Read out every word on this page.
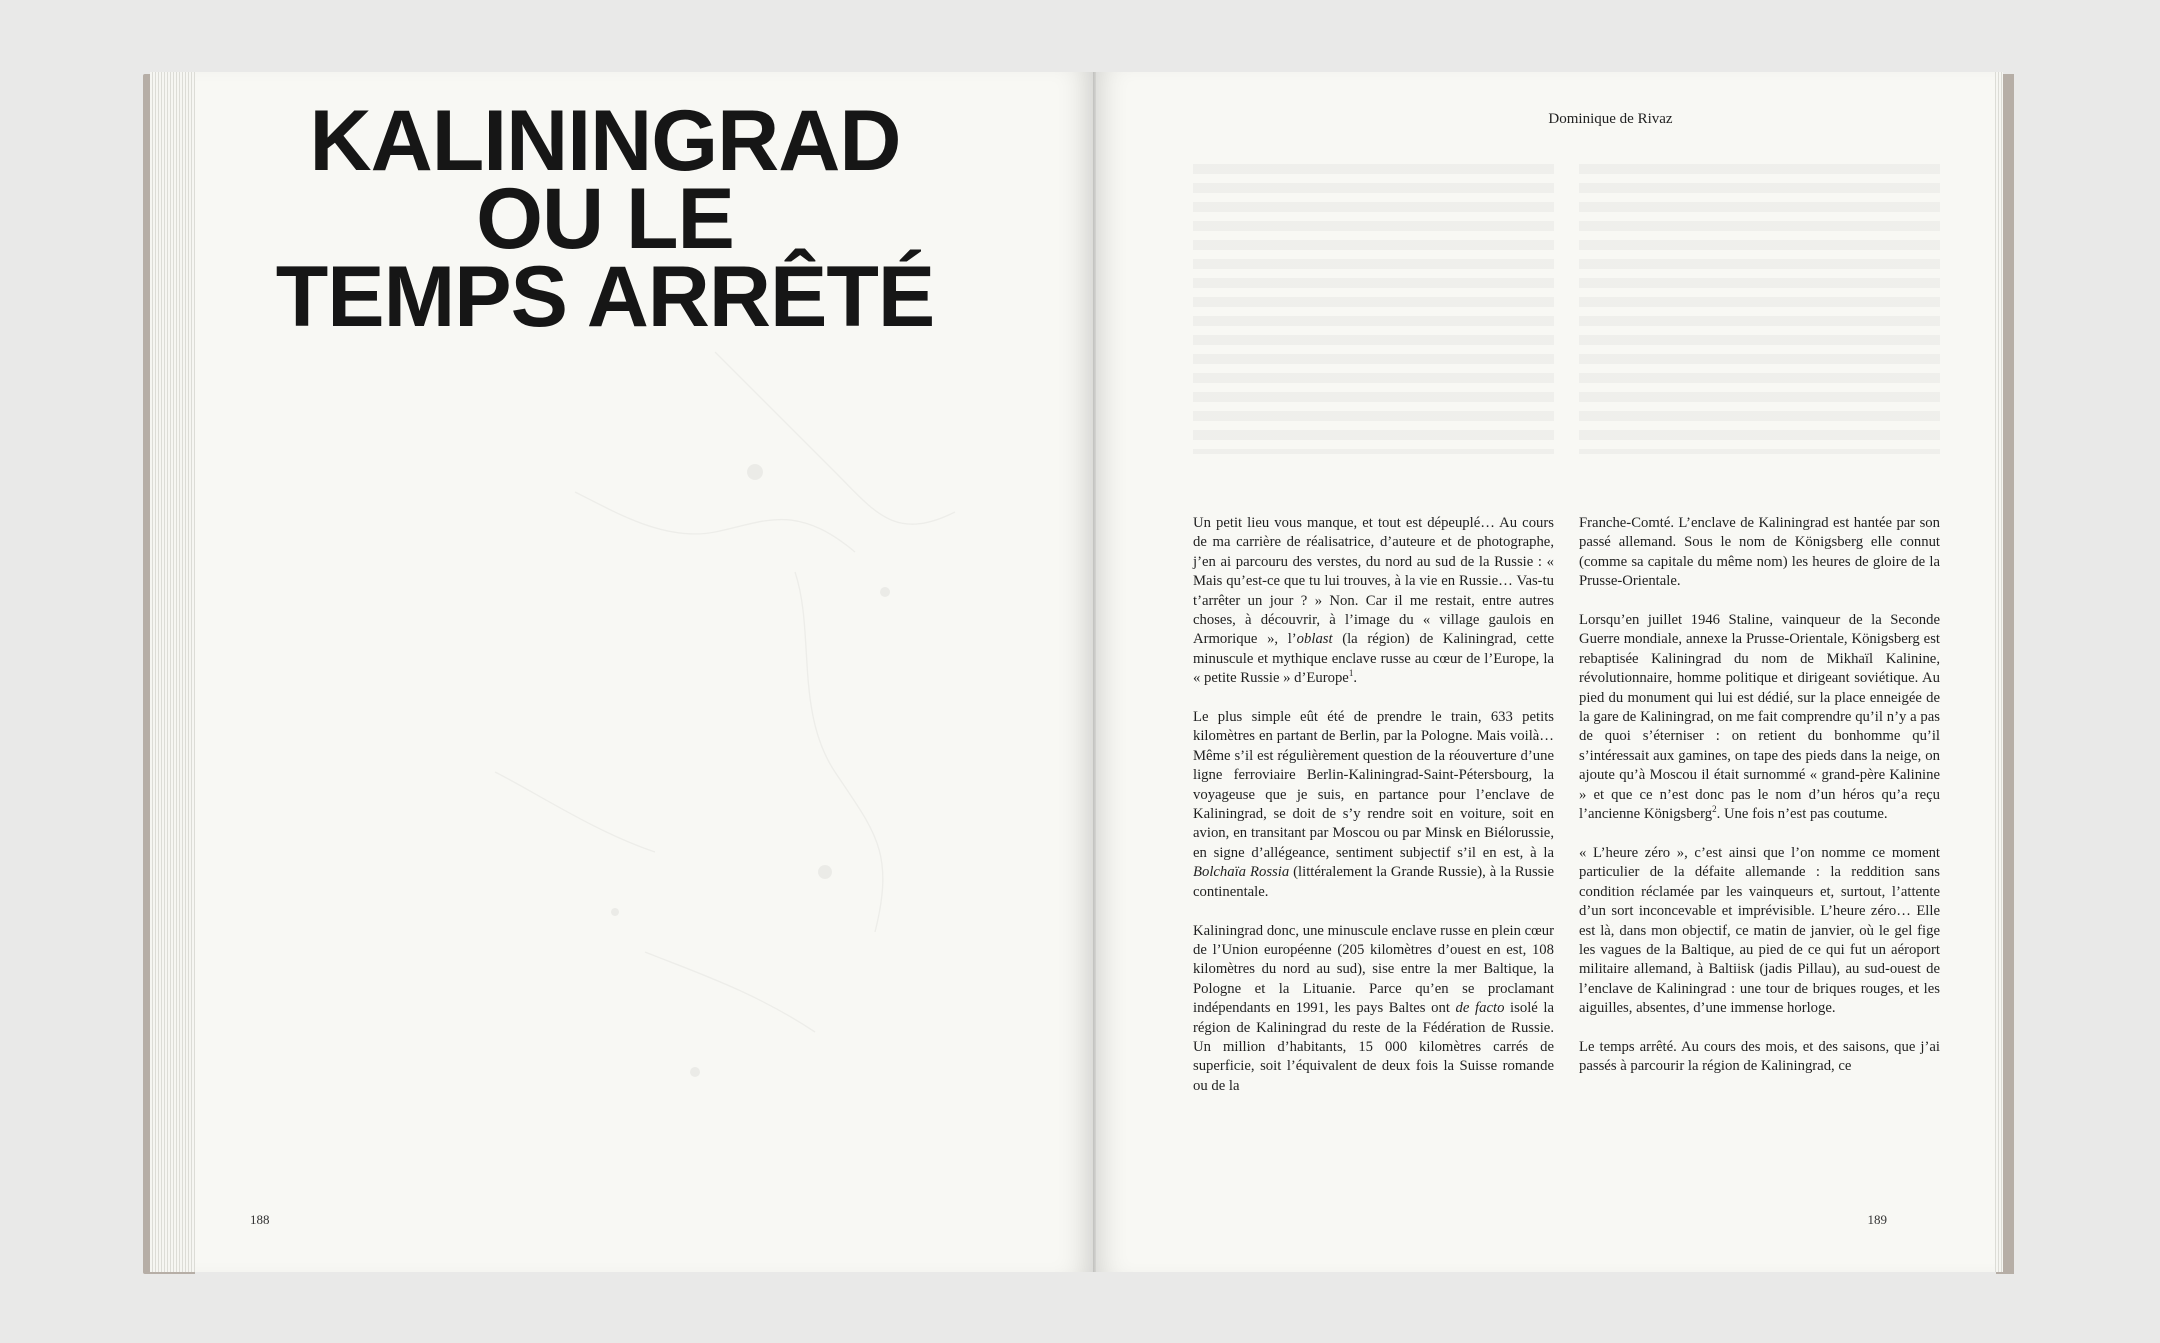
KALININGRAD
OU LE
TEMPS ARRÊTÉ
188
Dominique de Rivaz

Un petit lieu vous manque, et tout est dépeuplé… Au cours de ma carrière de réalisatrice, d’auteure et de photographe, j’en ai parcouru des verstes, du nord au sud de la Russie : « Mais qu’est-ce que tu lui trouves, à la vie en Russie… Vas-tu t’arrêter un jour ? » Non. Car il me restait, entre autres choses, à découvrir, à l’image du « village gaulois en Armorique », l’oblast (la région) de Kaliningrad, cette minuscule et mythique enclave russe au cœur de l’Europe, la « petite Russie » d’Europe$^1$.

Le plus simple eût été de prendre le train, 633 petits kilomètres en partant de Berlin, par la Pologne. Mais voilà… Même s’il est régulièrement question de la réouverture d’une ligne ferroviaire Berlin-Kaliningrad-Saint-Pétersbourg, la voyageuse que je suis, en partance pour l’enclave de Kaliningrad, se doit de s’y rendre soit en voiture, soit en avion, en transitant par Moscou ou par Minsk en Biélorussie, en signe d’allégeance, sentiment subjectif s’il en est, à la Bolchaïa Rossia (littéralement la Grande Russie), à la Russie continentale.

Kaliningrad donc, une minuscule enclave russe en plein cœur de l’Union européenne (205 kilomètres d’ouest en est, 108 kilomètres du nord au sud), sise entre la mer Baltique, la Pologne et la Lituanie. Parce qu’en se proclamant indépendants en 1991, les pays Baltes ont de facto isolé la région de Kaliningrad du reste de la Fédération de Russie. Un million d’habitants, 15 000 kilomètres carrés de superficie, soit l’équivalent de deux fois la Suisse romande ou de la

Franche-Comté. L’enclave de Kaliningrad est hantée par son passé allemand. Sous le nom de Königsberg elle connut (comme sa capitale du même nom) les heures de gloire de la Prusse-Orientale.

Lorsqu’en juillet 1946 Staline, vainqueur de la Seconde Guerre mondiale, annexe la Prusse-Orientale, Königsberg est rebaptisée Kaliningrad du nom de Mikhaïl Kalinine, révolutionnaire, homme politique et dirigeant soviétique. Au pied du monument qui lui est dédié, sur la place enneigée de la gare de Kaliningrad, on me fait comprendre qu’il n’y a pas de quoi s’éterniser : on retient du bonhomme qu’il s’intéressait aux gamines, on tape des pieds dans la neige, on ajoute qu’à Moscou il était surnommé « grand-père Kalinine » et que ce n’est donc pas le nom d’un héros qu’a reçu l’ancienne Königsberg$^2$. Une fois n’est pas coutume.

« L’heure zéro », c’est ainsi que l’on nomme ce moment particulier de la défaite allemande : la reddition sans condition réclamée par les vainqueurs et, surtout, l’attente d’un sort inconcevable et imprévisible. L’heure zéro… Elle est là, dans mon objectif, ce matin de janvier, où le gel fige les vagues de la Baltique, au pied de ce qui fut un aéroport militaire allemand, à Baltiisk (jadis Pillau), au sud-ouest de l’enclave de Kaliningrad : une tour de briques rouges, et les aiguilles, absentes, d’une immense horloge.

Le temps arrêté. Au cours des mois, et des saisons, que j’ai passés à parcourir la région de Kaliningrad, ce

189
